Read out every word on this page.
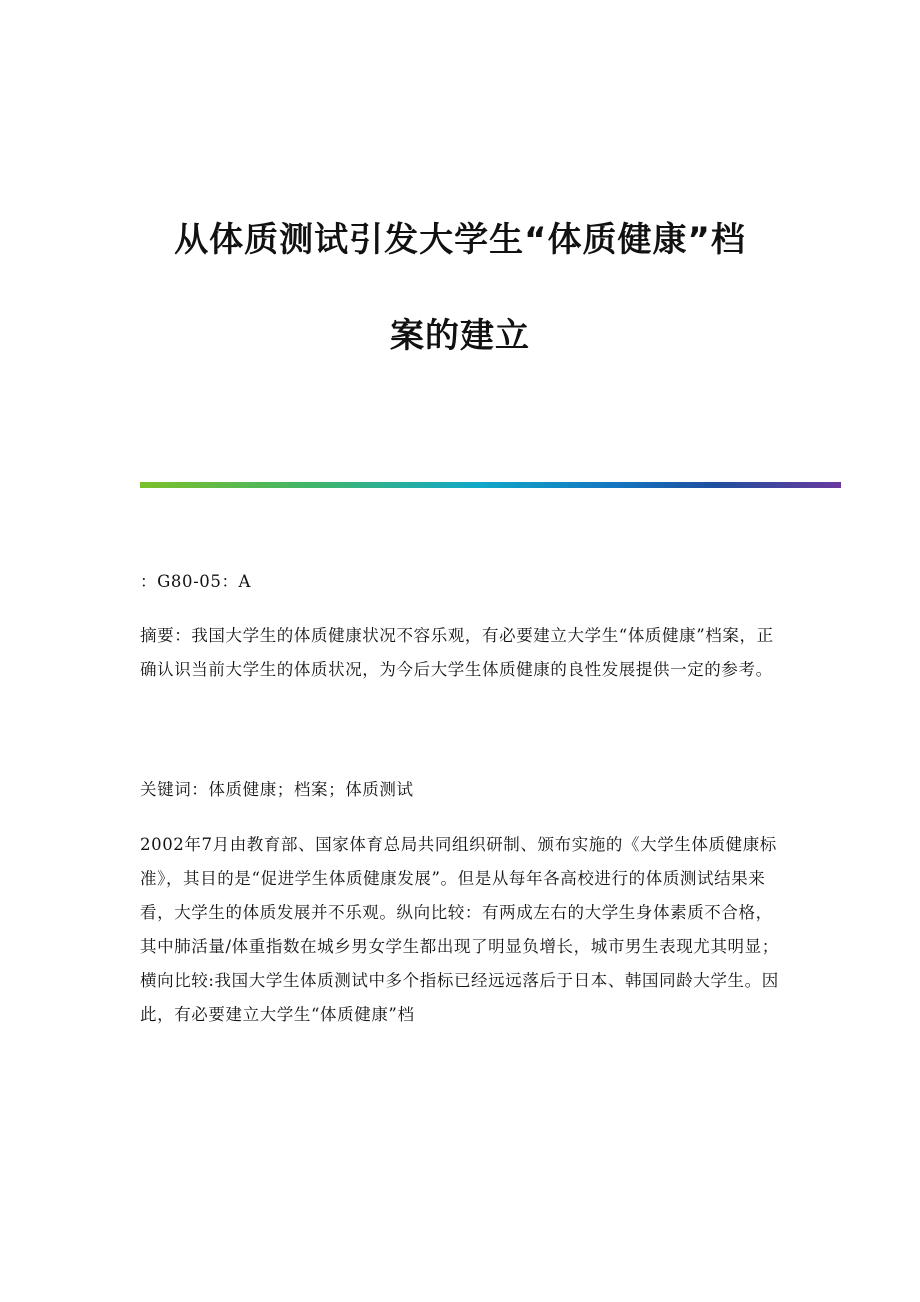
从体质测试引发大学生“体质健康”档
案的建立

：G80-05：A

摘要：我国大学生的体质健康状况不容乐观，有必要建立大学生“体质健康”档案，正确认识当前大学生的体质状况，为今后大学生体质健康的良性发展提供一定的参考。

关键词：体质健康；档案；体质测试

2002年7月由教育部、国家体育总局共同组织研制、颁布实施的《大学生体质健康标准》，其目的是“促进学生体质健康发展”。但是从每年各高校进行的体质测试结果来看，大学生的体质发展并不乐观。纵向比较：有两成左右的大学生身体素质不合格，其中肺活量/体重指数在城乡男女学生都出现了明显负增长，城市男生表现尤其明显；横向比较:我国大学生体质测试中多个指标已经远远落后于日本、韩国同龄大学生。因此，有必要建立大学生“体质健康”档
